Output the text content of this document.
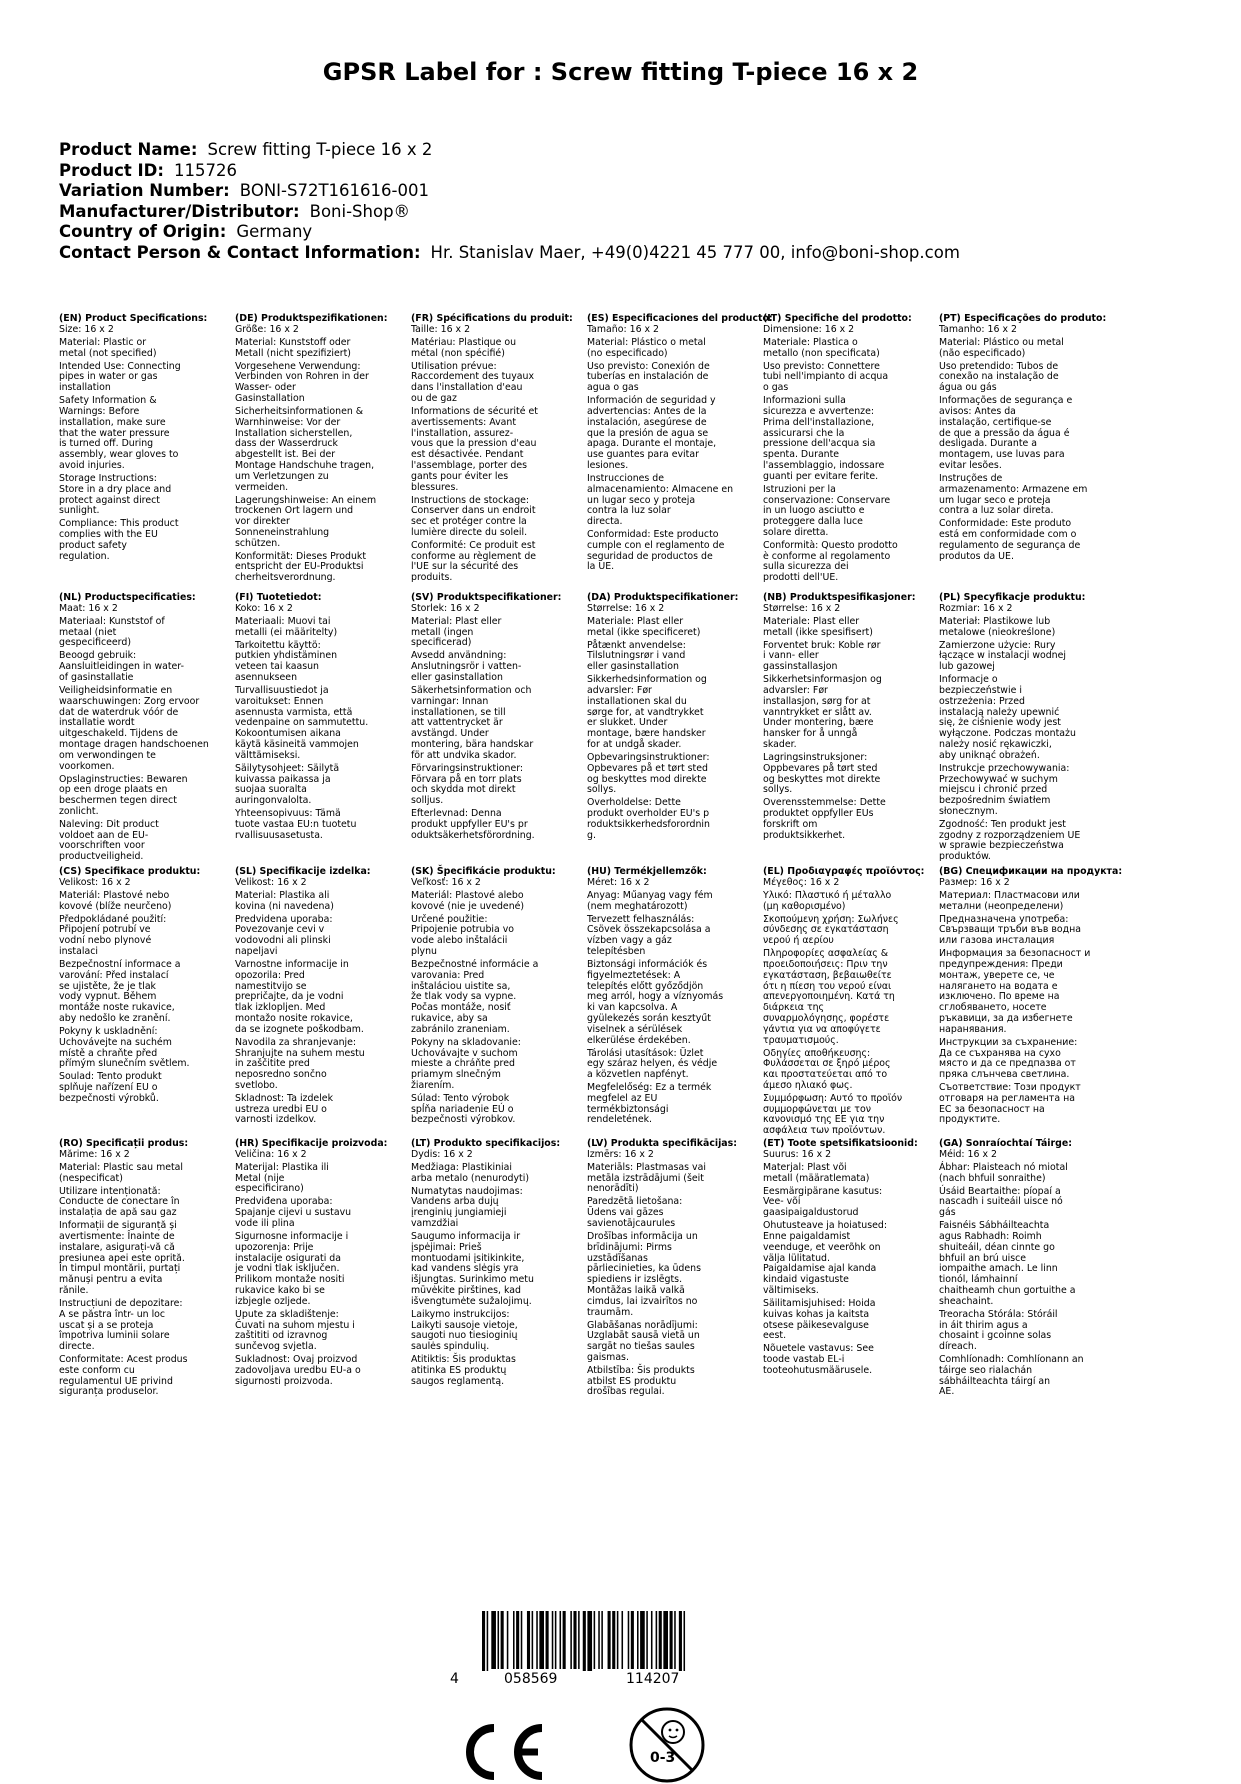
GPSR Label for : Screw fitting T-piece 16 x 2
Product Name: Screw fitting T-piece 16 x 2
Product ID: 115726
Variation Number: BONI-S72T161616-001
Manufacturer/Distributor: Boni-Shop®
Country of Origin: Germany
Contact Person & Contact Information: Hr. Stanislav Maer, +49(0)4221 45 777 00, info@boni-shop.com
(EN) Product Specifications:

Size: 16 x 2

Material: Plastic or
metal (not specified)

Intended Use: Connecting
pipes in water or gas
installation

Safety Information &
Warnings: Before
installation, make sure
that the water pressure
is turned off. During
assembly, wear gloves to
avoid injuries.

Storage Instructions:
Store in a dry place and
protect against direct
sunlight.

Compliance: This product
complies with the EU
product safety
regulation.

(DE) Produktspezifikationen:

Größe: 16 x 2

Material: Kunststoff oder
Metall (nicht spezifiziert)

Vorgesehene Verwendung:
Verbinden von Rohren in der
Wasser- oder
Gasinstallation

Sicherheitsinformationen &
Warnhinweise: Vor der
Installation sicherstellen,
dass der Wasserdruck
abgestellt ist. Bei der
Montage Handschuhe tragen,
um Verletzungen zu
vermeiden.

Lagerungshinweise: An einem
trockenen Ort lagern und
vor direkter
Sonneneinstrahlung
schützen.

Konformität: Dieses Produkt
entspricht der EU-Produktsi
cherheitsverordnung.

(FR) Spécifications du produit:

Taille: 16 x 2

Matériau: Plastique ou
métal (non spécifié)

Utilisation prévue:
Raccordement des tuyaux
dans l'installation d'eau
ou de gaz

Informations de sécurité et
avertissements: Avant
l'installation, assurez-
vous que la pression d'eau
est désactivée. Pendant
l'assemblage, porter des
gants pour éviter les
blessures.

Instructions de stockage:
Conserver dans un endroit
sec et protéger contre la
lumière directe du soleil.

Conformité: Ce produit est
conforme au règlement de
l'UE sur la sécurité des
produits.

(ES) Especificaciones del producto:

Tamaño: 16 x 2

Material: Plástico o metal
(no especificado)

Uso previsto: Conexión de
tuberías en instalación de
agua o gas

Información de seguridad y
advertencias: Antes de la
instalación, asegúrese de
que la presión de agua se
apaga. Durante el montaje,
use guantes para evitar
lesiones.

Instrucciones de
almacenamiento: Almacene en
un lugar seco y proteja
contra la luz solar
directa.

Conformidad: Este producto
cumple con el reglamento de
seguridad de productos de
la UE.

(IT) Specifiche del prodotto:

Dimensione: 16 x 2

Materiale: Plastica o
metallo (non specificata)

Uso previsto: Connettere
tubi nell'impianto di acqua
o gas

Informazioni sulla
sicurezza e avvertenze:
Prima dell'installazione,
assicurarsi che la
pressione dell'acqua sia
spenta. Durante
l'assemblaggio, indossare
guanti per evitare ferite.

Istruzioni per la
conservazione: Conservare
in un luogo asciutto e
proteggere dalla luce
solare diretta.

Conformità: Questo prodotto
è conforme al regolamento
sulla sicurezza dei
prodotti dell'UE.

(PT) Especificações do produto:

Tamanho: 16 x 2

Material: Plástico ou metal
(não especificado)

Uso pretendido: Tubos de
conexão na instalação de
água ou gás

Informações de segurança e
avisos: Antes da
instalação, certifique-se
de que a pressão da água é
desligada. Durante a
montagem, use luvas para
evitar lesões.

Instruções de
armazenamento: Armazene em
um lugar seco e proteja
contra a luz solar direta.

Conformidade: Este produto
está em conformidade com o
regulamento de segurança de
produtos da UE.

(NL) Productspecificaties:

Maat: 16 x 2

Materiaal: Kunststof of
metaal (niet
gespecificeerd)

Beoogd gebruik:
Aansluitleidingen in water-
of gasinstallatie

Veiligheidsinformatie en
waarschuwingen: Zorg ervoor
dat de waterdruk vóór de
installatie wordt
uitgeschakeld. Tijdens de
montage dragen handschoenen
om verwondingen te
voorkomen.

Opslaginstructies: Bewaren
op een droge plaats en
beschermen tegen direct
zonlicht.

Naleving: Dit product
voldoet aan de EU-
voorschriften voor
productveiligheid.

(FI) Tuotetiedot:

Koko: 16 x 2

Materiaali: Muovi tai
metalli (ei määritelty)

Tarkoitettu käyttö:
putkien yhdistäminen
veteen tai kaasun
asennukseen

Turvallisuustiedot ja
varoitukset: Ennen
asennusta varmista, että
vedenpaine on sammutettu.
Kokoontumisen aikana
käytä käsineitä vammojen
välttämiseksi.

Säilytysohjeet: Säilytä
kuivassa paikassa ja
suojaa suoralta
auringonvalolta.

Yhteensopivuus: Tämä
tuote vastaa EU:n tuotetu
rvallisuusasetusta.

(SV) Produktspecifikationer:

Storlek: 16 x 2

Material: Plast eller
metall (ingen
specificerad)

Avsedd användning:
Anslutningsrör i vatten-
eller gasinstallation

Säkerhetsinformation och
varningar: Innan
installationen, se till
att vattentrycket är
avstängd. Under
montering, bära handskar
för att undvika skador.

Förvaringsinstruktioner:
Förvara på en torr plats
och skydda mot direkt
solljus.

Efterlevnad: Denna
produkt uppfyller EU's pr
oduktsäkerhetsförordning.

(DA) Produktspecifikationer:

Størrelse: 16 x 2

Materiale: Plast eller
metal (ikke specificeret)

Påtænkt anvendelse:
Tilslutningsrør i vand
eller gasinstallation

Sikkerhedsinformation og
advarsler: Før
installationen skal du
sørge for, at vandtrykket
er slukket. Under
montage, bære handsker
for at undgå skader.

Opbevaringsinstruktioner:
Opbevares på et tørt sted
og beskyttes mod direkte
sollys.

Overholdelse: Dette
produkt overholder EU's p
roduktsikkerhedsforordnin
g.

(NB) Produktspesifikasjoner:

Størrelse: 16 x 2

Materiale: Plast eller
metall (ikke spesifisert)

Forventet bruk: Koble rør
i vann- eller
gassinstallasjon

Sikkerhetsinformasjon og
advarsler: Før
installasjon, sørg for at
vanntrykket er slått av.
Under montering, bære
hansker for å unngå
skader.

Lagringsinstruksjoner:
Oppbevares på tørt sted
og beskyttes mot direkte
sollys.

Overensstemmelse: Dette
produktet oppfyller EUs
forskrift om
produktsikkerhet.

(PL) Specyfikacje produktu:

Rozmiar: 16 x 2

Materiał: Plastikowe lub
metalowe (nieokreślone)

Zamierzone użycie: Rury
łączące w instalacji wodnej
lub gazowej

Informacje o
bezpieczeństwie i
ostrzeżenia: Przed
instalacją należy upewnić
się, że ciśnienie wody jest
wyłączone. Podczas montażu
należy nosić rękawiczki,
aby uniknąć obrażeń.

Instrukcje przechowywania:
Przechowywać w suchym
miejscu i chronić przed
bezpośrednim światłem
słonecznym.

Zgodność: Ten produkt jest
zgodny z rozporządzeniem UE
w sprawie bezpieczeństwa
produktów.

(CS) Specifikace produktu:

Velikost: 16 x 2

Materiál: Plastové nebo
kovové (blíže neurčeno)

Předpokládané použití:
Připojení potrubí ve
vodní nebo plynové
instalaci

Bezpečnostní informace a
varování: Před instalací
se ujistěte, že je tlak
vody vypnut. Během
montáže noste rukavice,
aby nedošlo ke zranění.

Pokyny k uskladnění:
Uchovávejte na suchém
místě a chraňte před
přímým slunečním světlem.

Soulad: Tento produkt
splňuje nařízení EU o
bezpečnosti výrobků.

(SL) Specifikacije izdelka:

Velikost: 16 x 2

Material: Plastika ali
kovina (ni navedena)

Predvidena uporaba:
Povezovanje cevi v
vodovodni ali plinski
napeljavi

Varnostne informacije in
opozorila: Pred
namestitvijo se
prepričajte, da je vodni
tlak izklopljen. Med
montažo nosite rokavice,
da se izognete poškodbam.

Navodila za shranjevanje:
Shranjujte na suhem mestu
in zaščitite pred
neposredno sončno
svetlobo.

Skladnost: Ta izdelek
ustreza uredbi EU o
varnosti izdelkov.

(SK) Špecifikácie produktu:

Veľkosť: 16 x 2

Materiál: Plastové alebo
kovové (nie je uvedené)

Určené použitie:
Pripojenie potrubia vo
vode alebo inštalácii
plynu

Bezpečnostné informácie a
varovania: Pred
inštaláciou uistite sa,
že tlak vody sa vypne.
Počas montáže, nosiť
rukavice, aby sa
zabránilo zraneniam.

Pokyny na skladovanie:
Uchovávajte v suchom
mieste a chráňte pred
priamym slnečným
žiarením.

Súlad: Tento výrobok
spĺňa nariadenie EÚ o
bezpečnosti výrobkov.

(HU) Termékjellemzők:

Méret: 16 x 2

Anyag: Műanyag vagy fém
(nem meghatározott)

Tervezett felhasználás:
Csövek összekapcsolása a
vízben vagy a gáz
telepítésben

Biztonsági információk és
figyelmeztetések: A
telepítés előtt győződjön
meg arról, hogy a víznyomás
ki van kapcsolva. A
gyülekezés során kesztyűt
viselnek a sérülések
elkerülése érdekében.

Tárolási utasítások: Üzlet
egy száraz helyen, és védje
a közvetlen napfényt.

Megfelelőség: Ez a termék
megfelel az EU
termékbiztonsági
rendeletének.

(EL) Προδιαγραφές προϊόντος:

Μέγεθος: 16 x 2

Υλικό: Πλαστικό ή μέταλλο
(μη καθορισμένο)

Σκοπούμενη χρήση: Σωλήνες
σύνδεσης σε εγκατάσταση
νερού ή αερίου

Πληροφορίες ασφαλείας &
προειδοποιήσεις: Πριν την
εγκατάσταση, βεβαιωθείτε
ότι η πίεση του νερού είναι
απενεργοποιημένη. Κατά τη
διάρκεια της
συναρμολόγησης, φορέστε
γάντια για να αποφύγετε
τραυματισμούς.

Οδηγίες αποθήκευσης:
Φυλάσσεται σε ξηρό μέρος
και προστατεύεται από το
άμεσο ηλιακό φως.

Συμμόρφωση: Αυτό το προϊόν
συμμορφώνεται με τον
κανονισμό της ΕΕ για την
ασφάλεια των προϊόντων.

(BG) Спецификации на продукта:

Размер: 16 x 2

Материал: Пластмасови или
метални (неопределени)

Предназначена употреба:
Свързващи тръби във водна
или газова инсталация

Информация за безопасност и
предупреждения: Преди
монтаж, уверете се, че
налягането на водата е
изключено. По време на
сглобяването, носете
ръкавици, за да избегнете
наранявания.

Инструкции за съхранение:
Да се съхранява на сухо
място и да се предпазва от
пряка слънчева светлина.

Съответствие: Този продукт
отговаря на регламента на
ЕС за безопасност на
продуктите.

(RO) Specificații produs:

Mărime: 16 x 2

Material: Plastic sau metal
(nespecificat)

Utilizare intenționată:
Conducte de conectare în
instalația de apă sau gaz

Informații de siguranță și
avertismente: Înainte de
instalare, asigurați-vă că
presiunea apei este oprită.
În timpul montării, purtați
mănuși pentru a evita
rănile.

Instrucțiuni de depozitare:
A se păstra într- un loc
uscat și a se proteja
împotriva luminii solare
directe.

Conformitate: Acest produs
este conform cu
regulamentul UE privind
siguranța produselor.

(HR) Specifikacije proizvoda:

Veličina: 16 x 2

Materijal: Plastika ili
Metal (nije
especificirano)

Predviđena uporaba:
Spajanje cijevi u sustavu
vode ili plina

Sigurnosne informacije i
upozorenja: Prije
instalacije osigurati da
je vodni tlak isključen.
Prilikom montaže nositi
rukavice kako bi se
izbjegle ozljede.

Upute za skladištenje:
Čuvati na suhom mjestu i
zaštititi od izravnog
sunčevog svjetla.

Sukladnost: Ovaj proizvod
zadovoljava uredbu EU-a o
sigurnosti proizvoda.

(LT) Produkto specifikacijos:

Dydis: 16 x 2

Medžiaga: Plastikiniai
arba metalo (nenurodyti)

Numatytas naudojimas:
Vandens arba dujų
įrenginių jungiamieji
vamzdžiai

Saugumo informacija ir
įspėjimai: Prieš
montuodami įsitikinkite,
kad vandens slėgis yra
išjungtas. Surinkimo metu
mūvėkite pirštines, kad
išvengtumėte sužalojimų.

Laikymo instrukcijos:
Laikyti sausoje vietoje,
saugoti nuo tiesioginių
saulės spindulių.

Atitiktis: Šis produktas
atitinka ES produktų
saugos reglamentą.

(LV) Produkta specifikācijas:

Izmērs: 16 x 2

Materiāls: Plastmasas vai
metāla izstrādājumi (šeit
nenorādīti)

Paredzētā lietošana:
Ūdens vai gāzes
savienotājcaurules

Drošības informācija un
brīdinājumi: Pirms
uzstādīšanas
pārliecinieties, ka ūdens
spiediens ir izslēgts.
Montāžas laikā valkā
cimdus, lai izvairītos no
traumām.

Glabāšanas norādījumi:
Uzglabāt sausā vietā un
sargāt no tiešas saules
gaismas.

Atbilstība: Šis produkts
atbilst ES produktu
drošības regulai.

(ET) Toote spetsifikatsioonid:

Suurus: 16 x 2

Materjal: Plast või
metall (määratlemata)

Eesmärgipärane kasutus:
Vee- või
gaasipaigaldustorud

Ohutusteave ja hoiatused:
Enne paigaldamist
veenduge, et veerõhk on
välja lülitatud.
Paigaldamise ajal kanda
kindaid vigastuste
vältimiseks.

Säilitamisjuhised: Hoida
kuivas kohas ja kaitsta
otsese päikesevalguse
eest.

Nõuetele vastavus: See
toode vastab EL-i
tooteohutusmäärusele.

(GA) Sonraíochtaí Táirge:

Méid: 16 x 2

Ábhar: Plaisteach nó miotal
(nach bhfuil sonraithe)

Úsáid Beartaithe: píopaí a
nascadh i suiteáil uisce nó
gás

Faisnéis Sábháilteachta
agus Rabhadh: Roimh
shuiteáil, déan cinnte go
bhfuil an brú uisce
iompaithe amach. Le linn
tionól, lámhainní
chaitheamh chun gortuithe a
sheachaint.

Treoracha Stórála: Stóráil
in áit thirim agus a
chosaint i gcoinne solas
díreach.

Comhlíonadh: Comhlíonann an
táirge seo rialachán
sábháilteachta táirgí an
AE.

4	058569	114207
0-3
